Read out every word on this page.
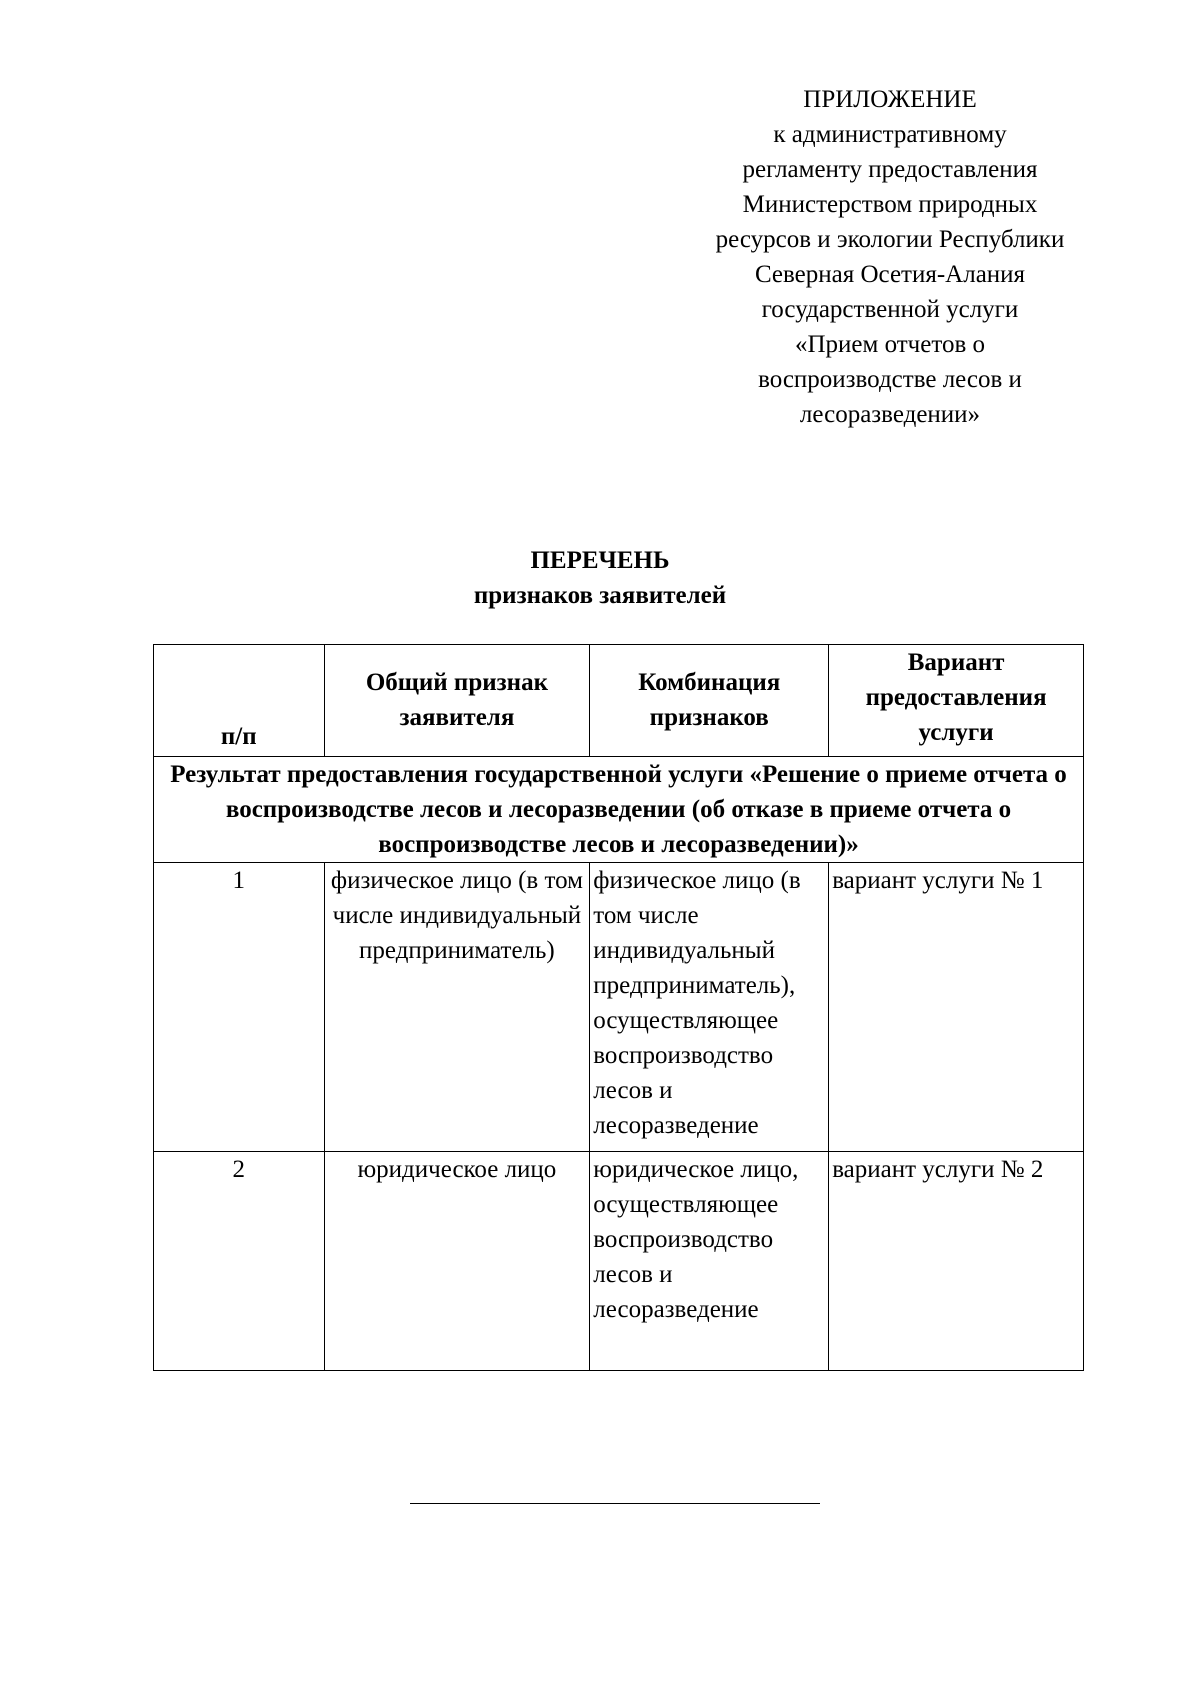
ПРИЛОЖЕНИЕ
к административному
регламенту предоставления
Министерством природных
ресурсов и экологии Республики
Северная Осетия-Алания
государственной услуги
«Прием отчетов о
воспроизводстве лесов и
лесоразведении»
ПЕРЕЧЕНЬ
признаков заявителей
п/п	Общий признак заявителя	Комбинация признаков	Вариант предоставления услуги
Результат предоставления государственной услуги «Решение о приеме отчета о воспроизводстве лесов и лесоразведении (об отказе в приеме отчета о воспроизводстве лесов и лесоразведении)»			
1	физическое лицо (в том числе индивидуальный предприниматель)	физическое лицо (в том числе индивидуальный предприниматель), осуществляющее воспроизводство лесов и лесоразведение	вариант услуги № 1
2	юридическое лицо	юридическое лицо, осуществляющее воспроизводство лесов и лесоразведение	вариант услуги № 2
